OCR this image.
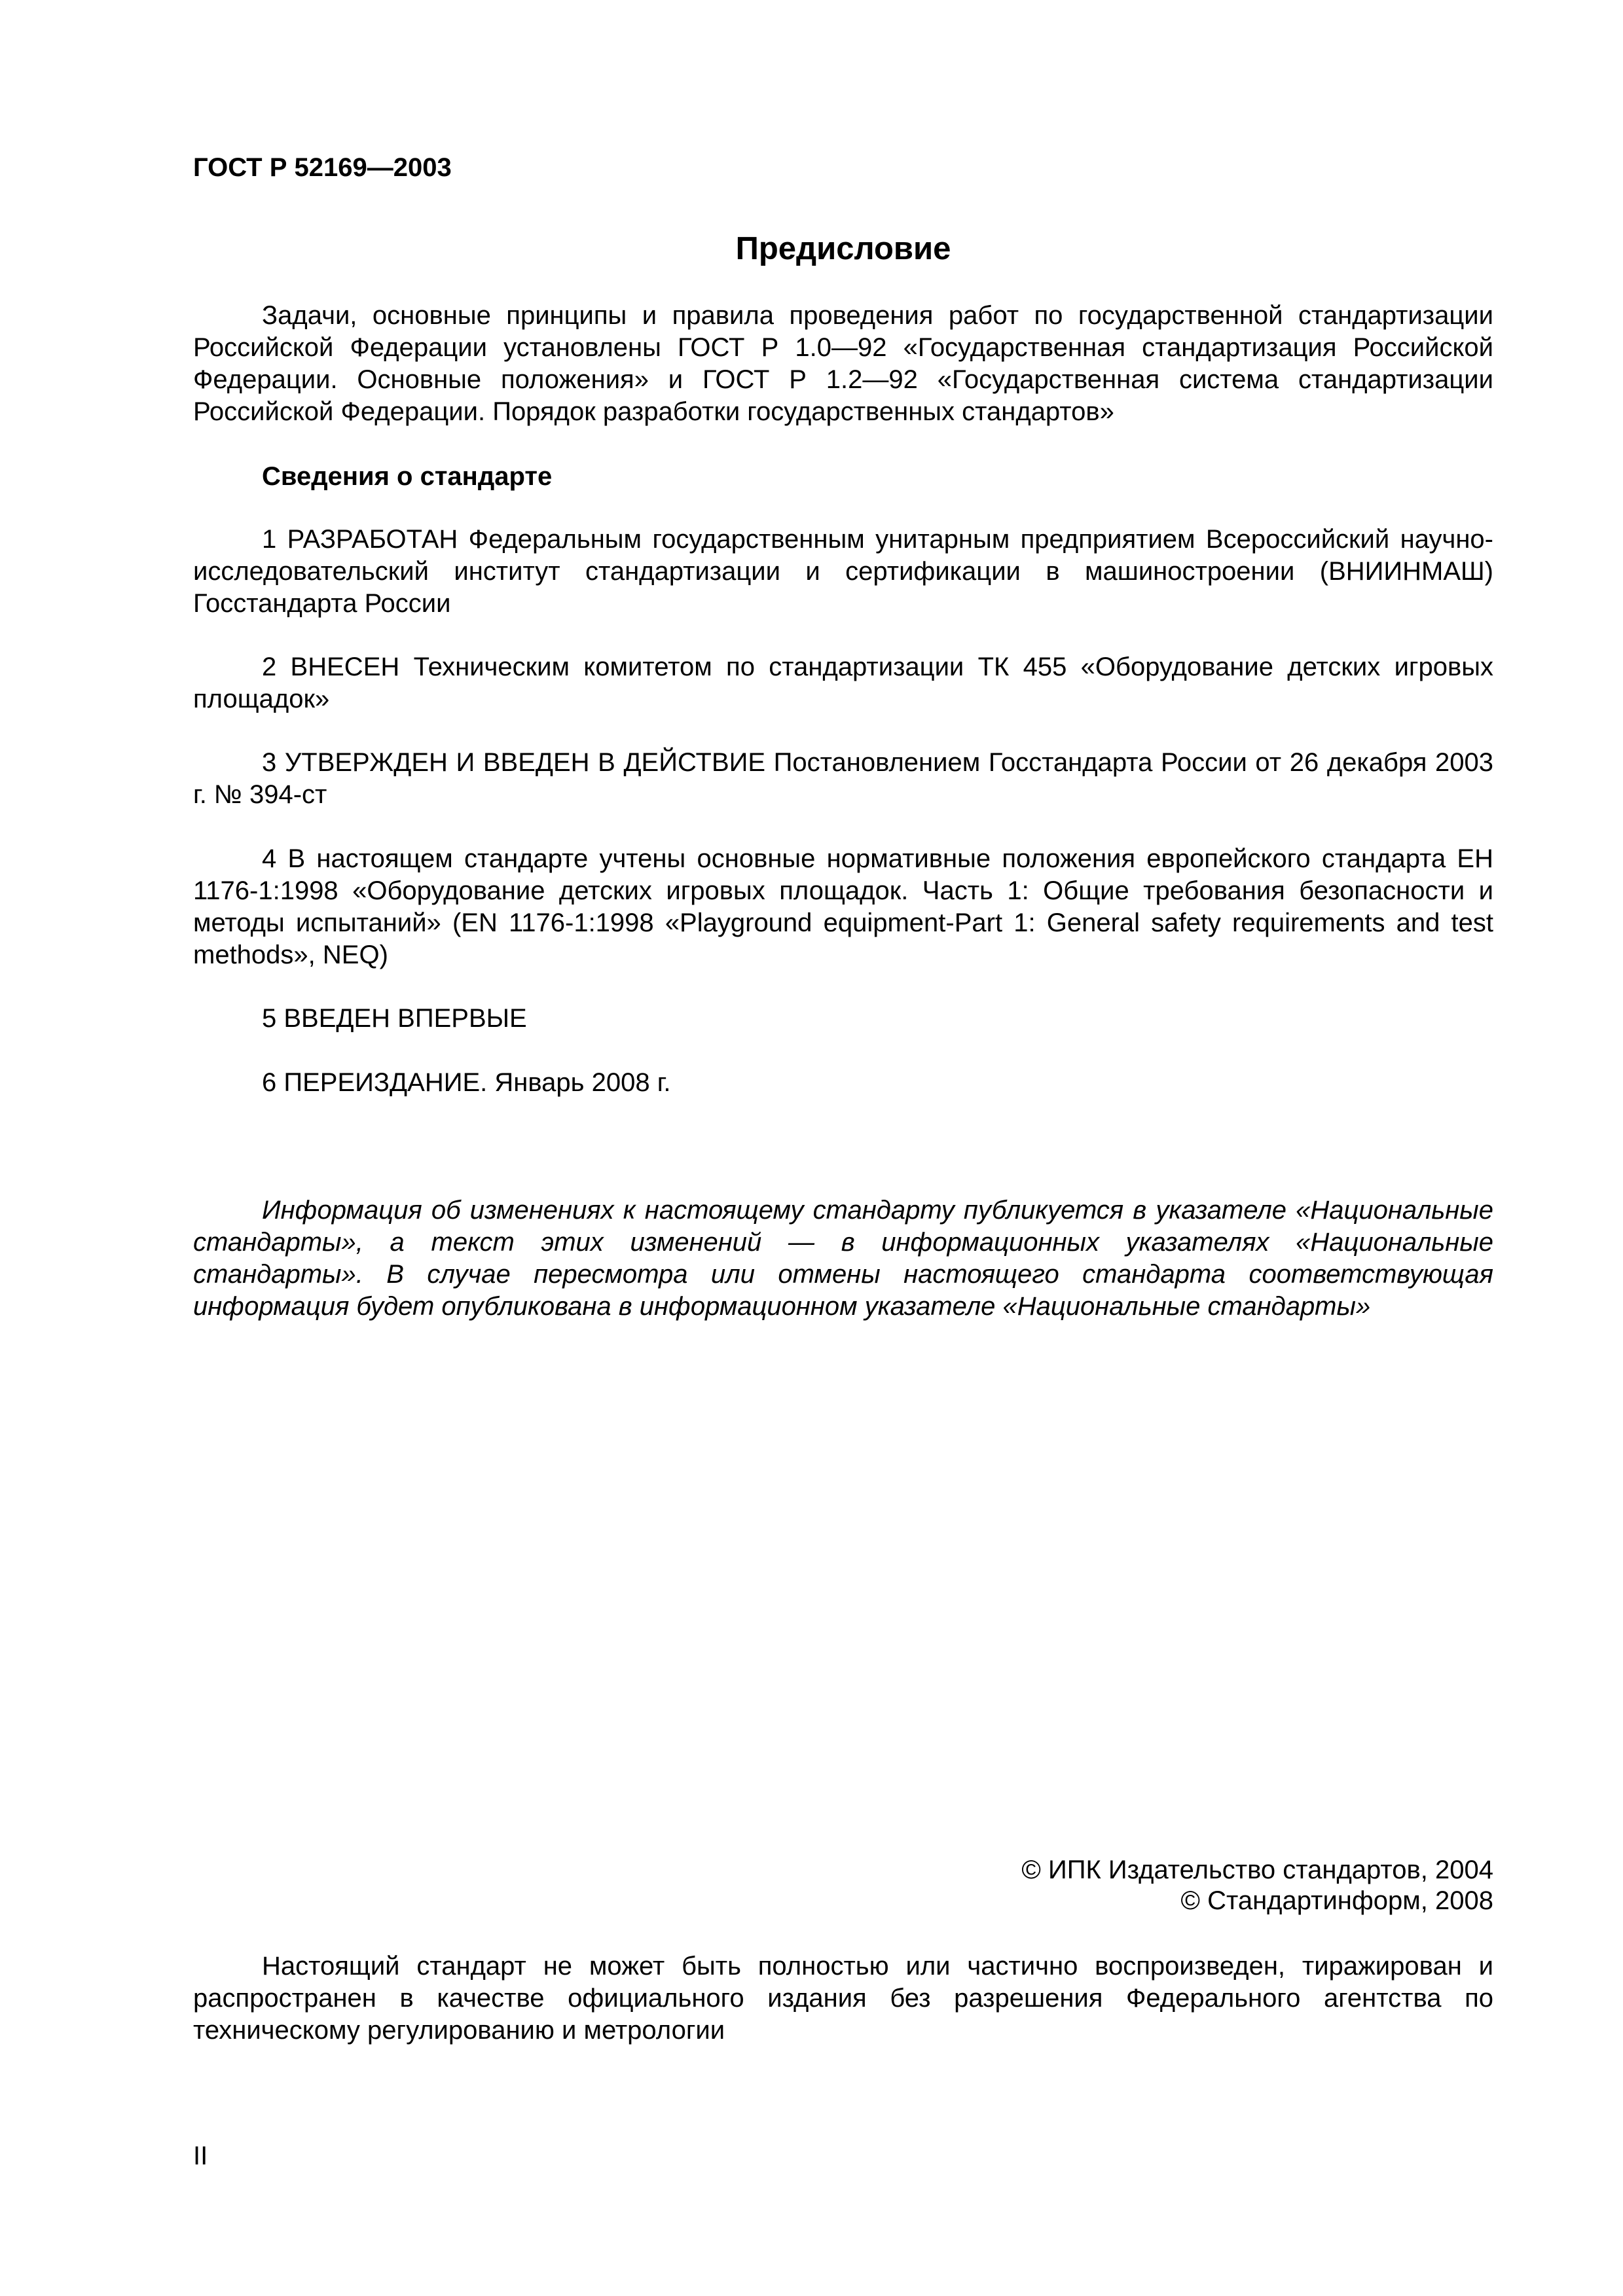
ГОСТ Р 52169—2003
Предисловие

Задачи, основные принципы и правила проведения работ по государственной стандартизации Российской Федерации установлены ГОСТ Р 1.0—92 «Государственная стандартизация Российской Федерации. Основные положения» и ГОСТ Р 1.2—92 «Государственная система стандартизации Российской Федерации. Порядок разработки государственных стандартов»

Сведения о стандарте

1 РАЗРАБОТАН Федеральным государственным унитарным предприятием Всероссийский научно-исследовательский институт стандартизации и сертификации в машиностроении (ВНИИНМАШ) Госстандарта России

2 ВНЕСЕН Техническим комитетом по стандартизации ТК 455 «Оборудование детских игровых площадок»

3 УТВЕРЖДЕН И ВВЕДЕН В ДЕЙСТВИЕ Постановлением Госстандарта России от 26 декабря 2003 г. № 394-ст

4 В настоящем стандарте учтены основные нормативные положения европейского стандарта ЕН 1176-1:1998 «Оборудование детских игровых площадок. Часть 1: Общие требования безопасности и методы испытаний» (EN 1176-1:1998 «Playground equipment-Part 1: General safety requirements and test methods», NEQ)

5 ВВЕДЕН ВПЕРВЫЕ

6 ПЕРЕИЗДАНИЕ. Январь 2008 г.

Информация об изменениях к настоящему стандарту публикуется в указателе «Национальные стандарты», а текст этих изменений — в информационных указателях «Национальные стандарты». В случае пересмотра или отмены настоящего стандарта соответствующая информация будет опубликована в информационном указателе «Национальные стандарты»

© ИПК Издательство стандартов, 2004
© Стандартинформ, 2008

Настоящий стандарт не может быть полностью или частично воспроизведен, тиражирован и распространен в качестве официального издания без разрешения Федерального агентства по техническому регулированию и метрологии

II
